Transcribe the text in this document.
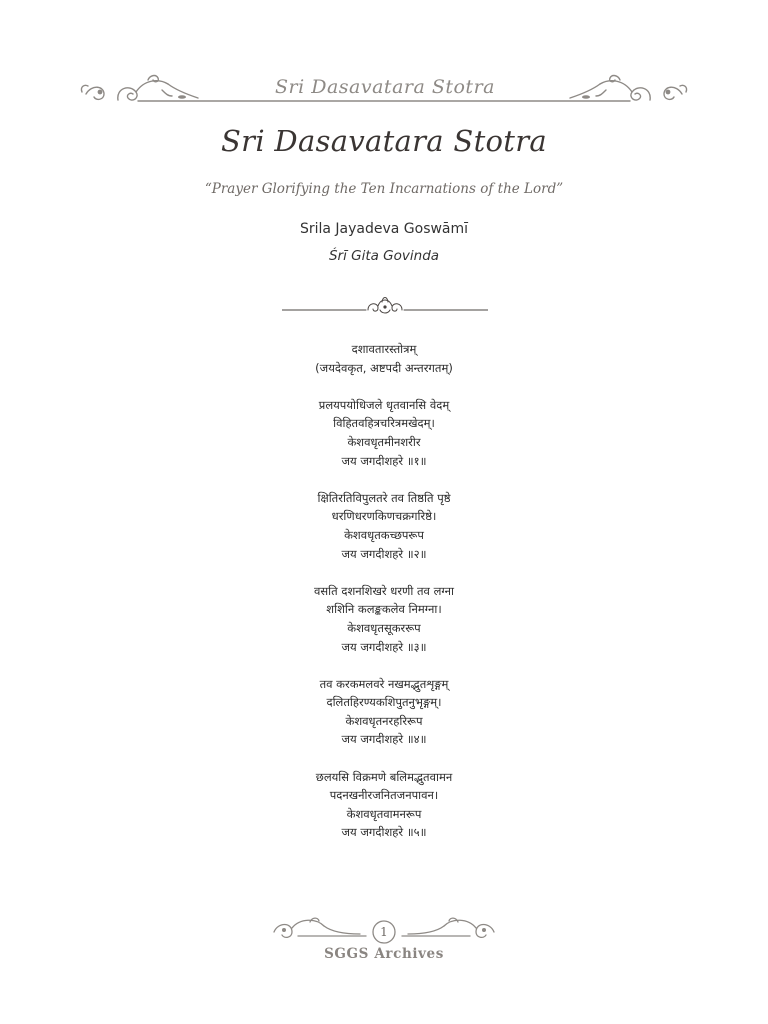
Sri Dasavatara Stotra
Sri Dasavatara Stotra
“Prayer Glorifying the Ten Incarnations of the Lord”
Srila Jayadeva Goswāmī
Śrī Gita Govinda
दशावतारस्तोत्रम्
(जयदेवकृत, अष्टपदी अन्तरगतम्)
प्रलयपयोधिजले धृतवानसि वेदम्
विहितवहित्रचरित्रमखेदम्।
केशवधृतमीनशरीर
जय जगदीशहरे ॥१॥
क्षितिरतिविपुलतरे तव तिष्ठति पृष्ठे
धरणिधरणकिणचक्रगरिष्ठे।
केशवधृतकच्छपरूप
जय जगदीशहरे ॥२॥
वसति दशनशिखरे धरणी तव लग्ना
शशिनि कलङ्ककलेव निमग्ना।
केशवधृतसूकररूप
जय जगदीशहरे ॥३॥
तव करकमलवरे नखमद्भुतशृङ्गम्
दलितहिरण्यकशिपुतनुभृङ्गम्।
केशवधृतनरहरिरूप
जय जगदीशहरे ॥४॥
छलयसि विक्रमणे बलिमद्भुतवामन
पदनखनीरजनितजनपावन।
केशवधृतवामनरूप
जय जगदीशहरे ॥५॥
1
SGGS Archives
